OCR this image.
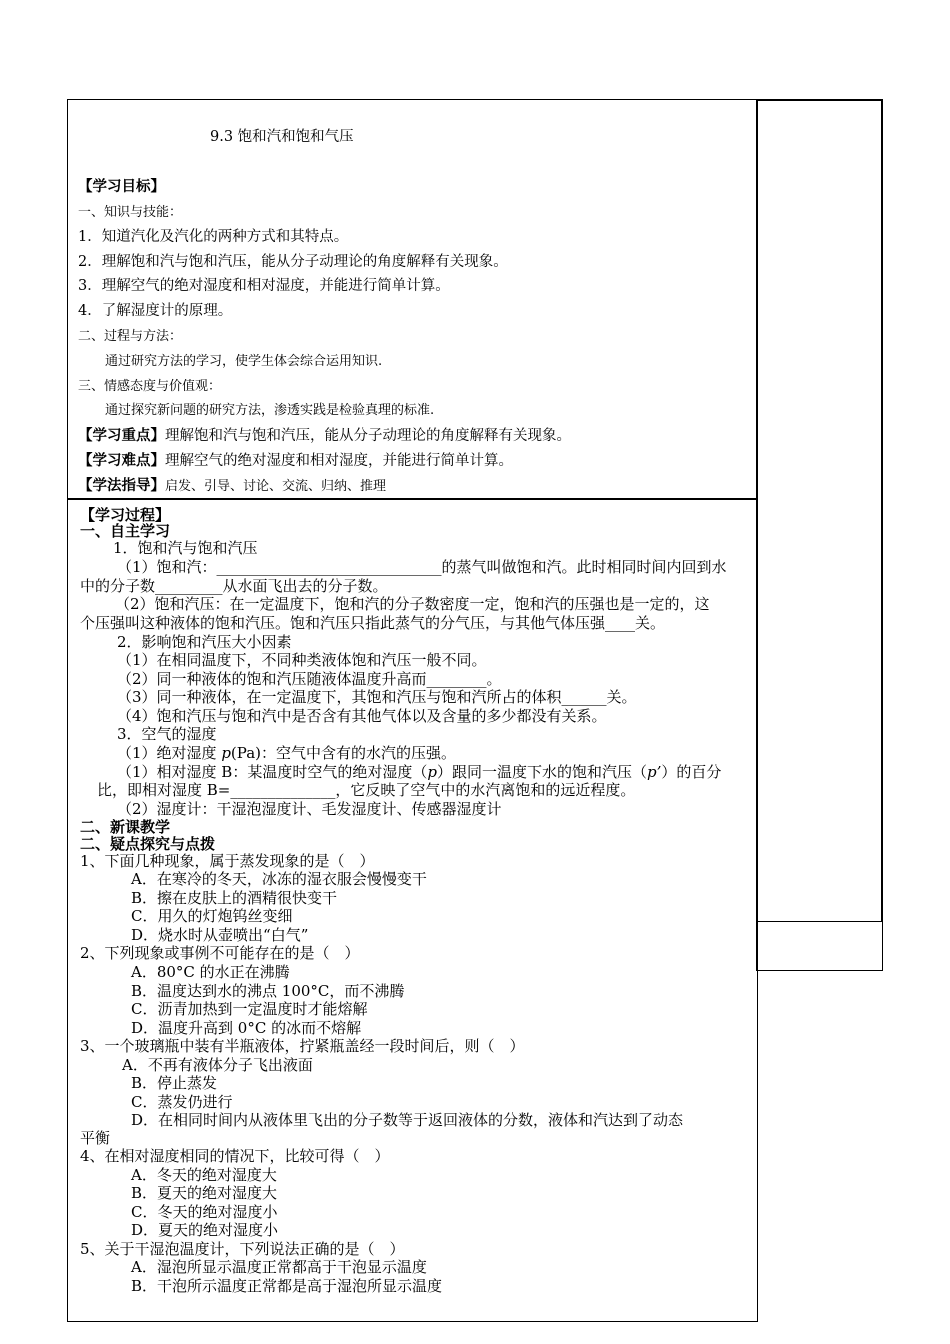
9.3 饱和汽和饱和气压
【学习目标】
一、知识与技能：
1．知道汽化及汽化的两种方式和其特点。
2．理解饱和汽与饱和汽压，能从分子动理论的角度解释有关现象。
3．理解空气的绝对湿度和相对湿度，并能进行简单计算。
4．了解湿度计的原理。
二、过程与方法：
通过研究方法的学习，使学生体会综合运用知识.
三、情感态度与价值观：
通过探究新问题的研究方法，渗透实践是检验真理的标准.
【学习重点】理解饱和汽与饱和汽压，能从分子动理论的角度解释有关现象。
【学习难点】理解空气的绝对湿度和相对湿度，并能进行简单计算。
【学法指导】启发、引导、讨论、交流、归纳、推理
【学习过程】
一、自主学习
1．饱和汽与饱和汽压
（1）饱和汽：______________________________的蒸气叫做饱和汽。此时相同时间内回到水
中的分子数_________从水面飞出去的分子数。
（2）饱和汽压：在一定温度下，饱和汽的分子数密度一定，饱和汽的压强也是一定的，这
个压强叫这种液体的饱和汽压。饱和汽压只指此蒸气的分气压，与其他气体压强____关。
2．影响饱和汽压大小因素
（1）在相同温度下，不同种类液体饱和汽压一般不同。
（2）同一种液体的饱和汽压随液体温度升高而________。
（3）同一种液体，在一定温度下，其饱和汽压与饱和汽所占的体积______关。
（4）饱和汽压与饱和汽中是否含有其他气体以及含量的多少都没有关系。
3．空气的湿度
（1）绝对湿度 p(Pa)：空气中含有的水汽的压强。
（1）相对湿度 B：某温度时空气的绝对湿度（p）跟同一温度下水的饱和汽压（p’）的百分
比，即相对湿度 B=______________，它反映了空气中的水汽离饱和的远近程度。
（2）湿度计：干湿泡湿度计、毛发湿度计、传感器湿度计
二、新课教学
二、疑点探究与点拨
1、下面几种现象，属于蒸发现象的是（　）
A．在寒冷的冬天，冰冻的湿衣服会慢慢变干
B．擦在皮肤上的酒精很快变干
C．用久的灯炮钨丝变细
D．烧水时从壶喷出“白气”
2、下列现象或事例不可能存在的是（　）
A．80°C 的水正在沸腾
B．温度达到水的沸点 100°C，而不沸腾
C．沥青加热到一定温度时才能熔解
D．温度升高到 0°C 的冰而不熔解
3、一个玻璃瓶中装有半瓶液体，拧紧瓶盖经一段时间后，则（　）
A．不再有液体分子飞出液面
B．停止蒸发
C．蒸发仍进行
D．在相同时间内从液体里飞出的分子数等于返回液体的分数，液体和汽达到了动态
平衡
4、在相对湿度相同的情况下，比较可得（　）
A．冬天的绝对湿度大
B．夏天的绝对湿度大
C．冬天的绝对湿度小
D．夏天的绝对湿度小
5、关于干湿泡温度计，下列说法正确的是（　）
A．湿泡所显示温度正常都高于干泡显示温度
B．干泡所示温度正常都是高于湿泡所显示温度
